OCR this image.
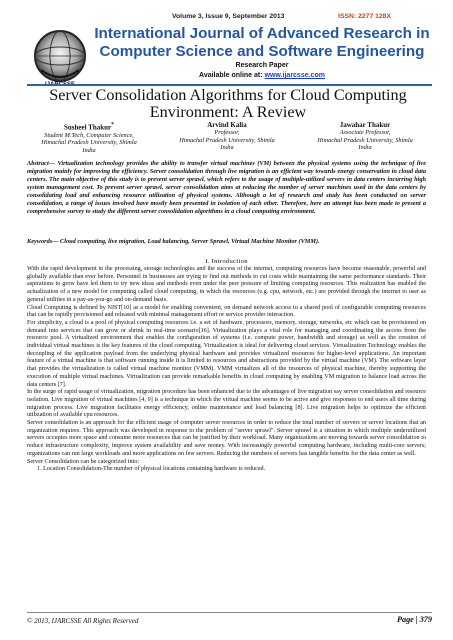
Volume 3, Issue 9, September 2013	ISSN: 2277 128X
International Journal of Advanced Research in Computer Science and Software Engineering
Research Paper
Available online at: www.ijarcsse.com
Server Consolidation Algorithms for Cloud Computing Environment: A Review
Susheel Thakur*
Student M.Tech, Computer Science,
Himachal Pradesh University, Shimla
India
Arvind Kalia
Professor,
Himachal Pradesh University, Shimla
India
Jawahar Thakur
Associate Professor,
Himachal Pradesh University, Shimla
India

Abstract— Virtualization technology provides the ability to transfer virtual machines (VM) between the physical systems using the technique of live migration mainly for improving the efficiency. Server consolidation through live migration is an efficient way towards energy conservation in cloud data centers. The main objective of this study is to prevent server sprawl, which refers to the usage of multiple-utilized servers in data centers incurring high system management cost. To prevent server sprawl, server consolidation aims at reducing the number of server machines used in the data centers by consolidating load and enhancing resource utilization of physical systems. Although a lot of research and study has been conducted on server consolidation, a range of issues involved have mostly been presented in isolation of each other. Therefore, here an attempt has been made to present a comprehensive survey to study the different server consolidation algorithms in a cloud computing environment.

Keywords— Cloud computing, live migration, Load balancing, Server Sprawl, Virtual Machine Monitor (VMM).

I. Introduction

With the rapid development in the processing, storage technologies and the success of the internet, computing resources have become reasonable, powerful and globally available than ever before. Personnel in businesses are trying to find out methods to cut costs while maintaining the same performance standards. Their aspirations to grow have led them to try new ideas and methods even under the peer pressure of limiting computing resources. This realization has enabled the actualization of a new model for computing called cloud computing, in which the resources (e.g. cpu, network, etc.) are provided through the internet to user as general utilities in a pay-as-you-go and on-demand basis.

Cloud Computing is defined by NIST[10] as a model for enabling convenient, on demand network access to a shared pool of configurable computing resources that can be rapidly provisioned and released with minimal management effort or service provider interaction.

For simplicity, a cloud is a pool of physical computing resources i.e. a set of hardware, processors, memory, storage, networks, etc which can be provisioned on demand into services that can grow or shrink in real-time scenario[16]. Virtualization plays a vital role for managing and coordinating the access from the resource pool. A virtualized environment that enables the configuration of systems (i.e. compute power, bandwidth and storage) as well as the creation of individual virtual machines is the key features of the cloud computing. Virtualization is ideal for delivering cloud services. Virtualization Technology enables the decoupling of the application payload from the underlying physical hardware and provides virtualized resources for higher-level applications. An important feature of a virtual machine is that software running inside it is limited to resources and abstractions provided by the virtual machine (VM). The software layer that provides the virtualization is called virtual machine monitor (VMM). VMM virtualizes all of the resources of physical machine, thereby supporting the execution of multiple virtual machines. Virtualization can provide remarkable benefits in cloud computing by enabling VM migration to balance load across the data centers [7].

In the surge of rapid usage of virtualization, migration procedure has been enhanced due to the advantages of live migration say server consolidation and resource isolation. Live migration of virtual machines [4, 9] is a technique in which the virtual machine seems to be active and give responses to end users all time during migration process. Live migration facilitates energy efficiency, online maintenance and load balancing [8]. Live migration helps to optimize the efficient utilization of available cpu resources.

Server consolidation is an approach for the efficient usage of computer server resources in order to reduce the total number of servers or server locations that an organization requires. This approach was developed in response to the problem of "server sprawl". Server sprawl is a situation in which multiple underutilized servers occupies more space and consume more resources that can be justified by their workload. Many organizations are moving towards server consolidation to reduce infrastructure complexity, improve system availability and save money. With increasingly powerful computing hardware, including multi-core servers; organizations can run large workloads and more applications on few servers. Reducing the numbers of servers has tangible benefits for the data center as well.

Server Consolidation can be categorized into:

1. Location Consolidation-The number of physical locations containing hardware is reduced.

© 2013, IJARCSSE All Rights Reserved	Page | 379
